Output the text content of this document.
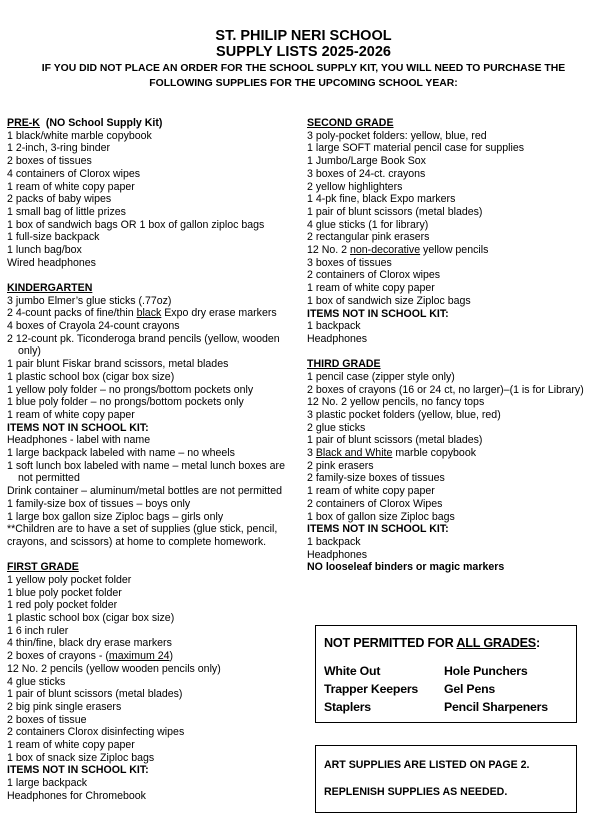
ST. PHILIP NERI SCHOOL
SUPPLY LISTS 2025-2026
IF YOU DID NOT PLACE AN ORDER FOR THE SCHOOL SUPPLY KIT, YOU WILL NEED TO PURCHASE THE
FOLLOWING SUPPLIES FOR THE UPCOMING SCHOOL YEAR:
PRE-K (NO School Supply Kit)
1 black/white marble copybook
1 2-inch, 3-ring binder
2 boxes of tissues
4 containers of Clorox wipes
1 ream of white copy paper
2 packs of baby wipes
1 small bag of little prizes
1 box of sandwich bags OR 1 box of gallon ziploc bags
1 full-size backpack
1 lunch bag/box
Wired headphones
KINDERGARTEN
3 jumbo Elmer’s glue sticks (.77oz)
2 4-count packs of fine/thin black Expo dry erase markers
4 boxes of Crayola 24-count crayons
2 12-count pk. Ticonderoga brand pencils (yellow, wooden only)
1 pair blunt Fiskar brand scissors, metal blades
1 plastic school box (cigar box size)
1 yellow poly folder – no prongs/bottom pockets only
1 blue poly folder – no prongs/bottom pockets only
1 ream of white copy paper
ITEMS NOT IN SCHOOL KIT:
Headphones - label with name
1 large backpack labeled with name – no wheels
1 soft lunch box labeled with name – metal lunch boxes are not permitted
Drink container – aluminum/metal bottles are not permitted
1 family-size box of tissues – boys only
1 large box gallon size Ziploc bags – girls only
**Children are to have a set of supplies (glue stick, pencil, crayons, and scissors) at home to complete homework.
FIRST GRADE
1 yellow poly pocket folder
1 blue poly pocket folder
1 red poly pocket folder
1 plastic school box (cigar box size)
1 6 inch ruler
4 thin/fine, black dry erase markers
2 boxes of crayons - (maximum 24)
12 No. 2 pencils (yellow wooden pencils only)
4 glue sticks
1 pair of blunt scissors (metal blades)
2 big pink single erasers
2 boxes of tissue
2 containers Clorox disinfecting wipes
1 ream of white copy paper
1 box of snack size Ziploc bags
ITEMS NOT IN SCHOOL KIT:
1 large backpack
Headphones for Chromebook
SECOND GRADE
3 poly-pocket folders: yellow, blue, red
1 large SOFT material pencil case for supplies
1 Jumbo/Large Book Sox
3 boxes of 24-ct. crayons
2 yellow highlighters
1 4-pk fine, black Expo markers
1 pair of blunt scissors (metal blades)
4 glue sticks (1 for library)
2 rectangular pink erasers
12 No. 2 non-decorative yellow pencils
3 boxes of tissues
2 containers of Clorox wipes
1 ream of white copy paper
1 box of sandwich size Ziploc bags
ITEMS NOT IN SCHOOL KIT:
1 backpack
Headphones
THIRD GRADE
1 pencil case (zipper style only)
2 boxes of crayons (16 or 24 ct, no larger)–(1 is for Library)
12 No. 2 yellow pencils, no fancy tops
3 plastic pocket folders (yellow, blue, red)
2 glue sticks
1 pair of blunt scissors (metal blades)
3 Black and White marble copybook
2 pink erasers
2 family-size boxes of tissues
1 ream of white copy paper
2 containers of Clorox Wipes
1 box of gallon size Ziploc bags
ITEMS NOT IN SCHOOL KIT:
1 backpack
Headphones
NO looseleaf binders or magic markers
NOT PERMITTED FOR ALL GRADES:
White Out	Hole Punchers
Trapper Keepers	Gel Pens
Staplers	Pencil Sharpeners
ART SUPPLIES ARE LISTED ON PAGE 2.
REPLENISH SUPPLIES AS NEEDED.
